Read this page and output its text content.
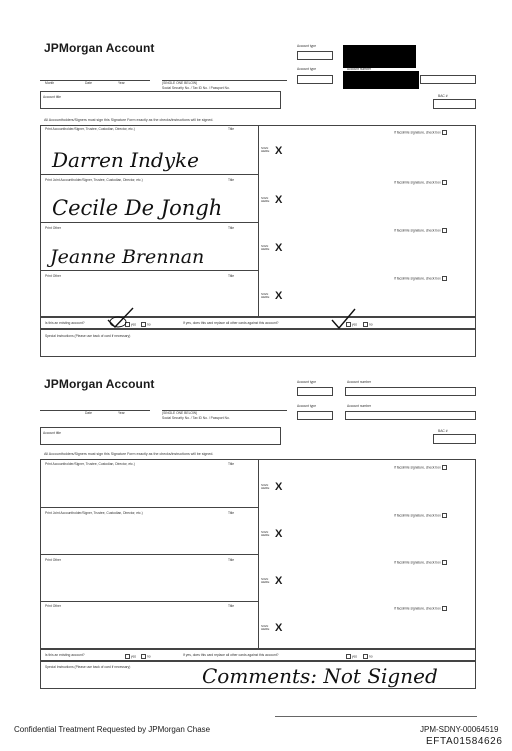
JPMorgan Account	Account type
Account type	Account number
Month	Date	Year	(SINGLE ONE BELOW)
Social Security No. / Tax ID No. / Passport No.
Account title	BAC #
All Accountholders/Signers must sign this Signature Form exactly as the checks/instructions will be signed.
Print Accountholder/Signer, Trustee, Custodian, Director, etc.)	Title
If facsimile signature, check box
Darren Indyke	SIGN HERE X
Print Joint Accountholder/Signer, Trustee, Custodian, Director, etc.)	Title
If facsimile signature, check box
Cecile De Jongh	SIGN HERE X
Print Other	Title
If facsimile signature, check box
Jeanne Brennan	SIGN HERE X
Print Other	Title
If facsimile signature, check box
SIGN HERE X
Is this an existing account?	yes	no	If yes, does this card replace all other cards against this account?	yes	no
Special Instructions (Please use back of card if necessary)
JPMorgan Account	Account type	Account number
Account type	Account number
Date	Year	(SINGLE ONE BELOW)
Social Security No. / Tax ID No. / Passport No.
Account title	BAC #
All Accountholders/Signers must sign this Signature Form exactly as the checks/instructions will be signed.
Print Accountholder/Signer, Trustee, Custodian, Director, etc.)	Title
If facsimile signature, check box
SIGN HERE X
Print Joint Accountholder/Signer, Trustee, Custodian, Director, etc.)	Title
If facsimile signature, check box
SIGN HERE X
Print Other	Title
If facsimile signature, check box
SIGN HERE X
Print Other	Title
If facsimile signature, check box
SIGN HERE X
Is this an existing account?	yes	no	If yes, does this card replace all other cards against this account?	yes	no
Special Instructions (Please use back of card if necessary)	Comments: Not Signed
Confidential Treatment Requested by JPMorgan Chase	JPM-SDNY-00064519
EFTA01584626
